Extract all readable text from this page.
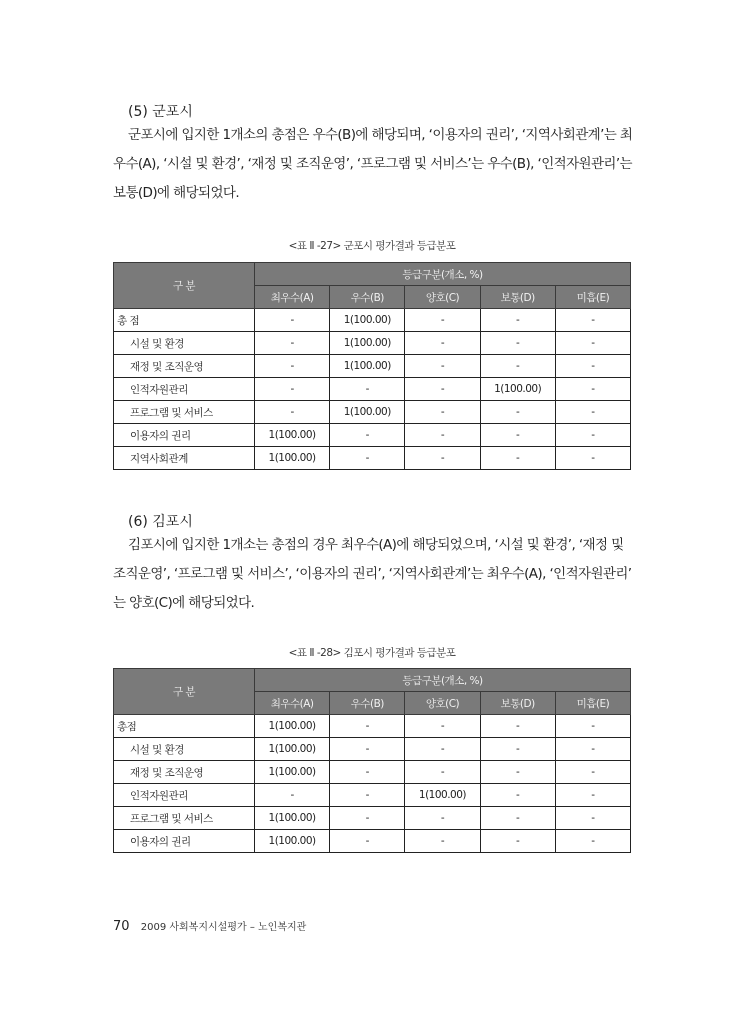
(5) 군포시

군포시에 입지한 1개소의 총점은 우수(B)에 해당되며, ‘이용자의 권리’, ‘지역사회관계’는 최
우수(A), ‘시설 및 환경’, ‘재정 및 조직운영’, ‘프로그램 및 서비스’는 우수(B), ‘인적자원관리’는
보통(D)에 해당되었다.

<표 Ⅱ -27> 군포시 평가결과 등급분포
구 분	등급구분(개소, %)				
	최우수(A)	우수(B)	양호(C)	보통(D)	미흡(E)
총 점	-	1(100.00)	-	-	-
시설 및 환경	-	1(100.00)	-	-	-
재정 및 조직운영	-	1(100.00)	-	-	-
인적자원관리	-	-	-	1(100.00)	-
프로그램 및 서비스	-	1(100.00)	-	-	-
이용자의 권리	1(100.00)	-	-	-	-
지역사회관계	1(100.00)	-	-	-	-
(6) 김포시

김포시에 입지한 1개소는 총점의 경우 최우수(A)에 해당되었으며, ‘시설 및 환경’, ‘재정 및
조직운영’, ‘프로그램 및 서비스’, ‘이용자의 권리’, ‘지역사회관계’는 최우수(A), ‘인적자원관리’
는 양호(C)에 해당되었다.

<표 Ⅱ -28> 김포시 평가결과 등급분포
구 분	등급구분(개소, %)				
	최우수(A)	우수(B)	양호(C)	보통(D)	미흡(E)
총점	1(100.00)	-	-	-	-
시설 및 환경	1(100.00)	-	-	-	-
재정 및 조직운영	1(100.00)	-	-	-	-
인적자원관리	-	-	1(100.00)	-	-
프로그램 및 서비스	1(100.00)	-	-	-	-
이용자의 권리	1(100.00)	-	-	-	-
70 2009 사회복지시설평가 – 노인복지관
